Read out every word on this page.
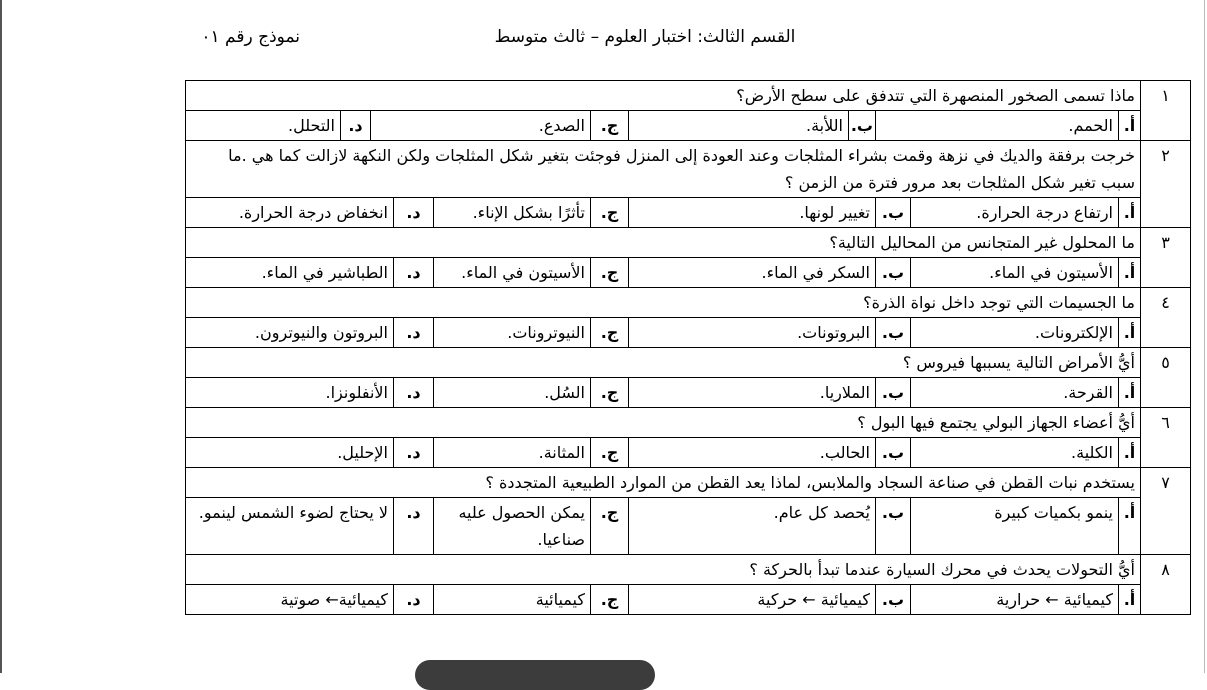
القسم الثالث: اختبار العلوم – ثالث متوسط
نموذج رقم ٠١
١
ماذا تسمى الصخور المنصهرة التي تتدفق على سطح الأرض؟
أ.
الحمم.
ب.
اللأبة.
ج.
الصدع.
د.
التحلل.
٢
خرجت برفقة والديك في نزهة وقمت بشراء المثلجات وعند العودة إلى المنزل فوجئت بتغير شكل المثلجات ولكن النكهة لازالت كما هي .ما سبب تغير شكل المثلجات بعد مرور فترة من الزمن ؟
أ.
ارتفاع درجة الحرارة.
ب.
تغيير لونها.
ج.
تأثرًا بشكل الإناء.
د.
انخفاض درجة الحرارة.
٣
ما المحلول غير المتجانس من المحاليل التالية؟
أ.
الأسيتون في الماء.
ب.
السكر في الماء.
ج.
الأسيتون في الماء.
د.
الطباشير في الماء.
٤
ما الجسيمات التي توجد داخل نواة الذرة؟
أ.
الإلكترونات.
ب.
البروتونات.
ج.
النيوترونات.
د.
البروتون والنيوترون.
٥
أيُّ الأمراض التالية يسببها فيروس ؟
أ.
القرحة.
ب.
الملاريا.
ج.
السُل.
د.
الأنفلونزا.
٦
أيُّ أعضاء الجهاز البولي يجتمع فيها البول ؟
أ.
الكلية.
ب.
الحالب.
ج.
المثانة.
د.
الإحليل.
٧
يستخدم نبات القطن في صناعة السجاد والملابس، لماذا يعد القطن من الموارد الطبيعية المتجددة ؟
أ.
ينمو بكميات كبيرة
ب.
يُحصد كل عام.
ج.
يمكن الحصول عليه صناعيا.
د.
لا يحتاج لضوء الشمس لينمو.
٨
أيُّ التحولات يحدث في محرك السيارة عندما تبدأ بالحركة ؟
أ.
كيميائية ← حرارية
ب.
كيميائية ← حركية
ج.
كيميائية
د.
كيميائية← صوتية
